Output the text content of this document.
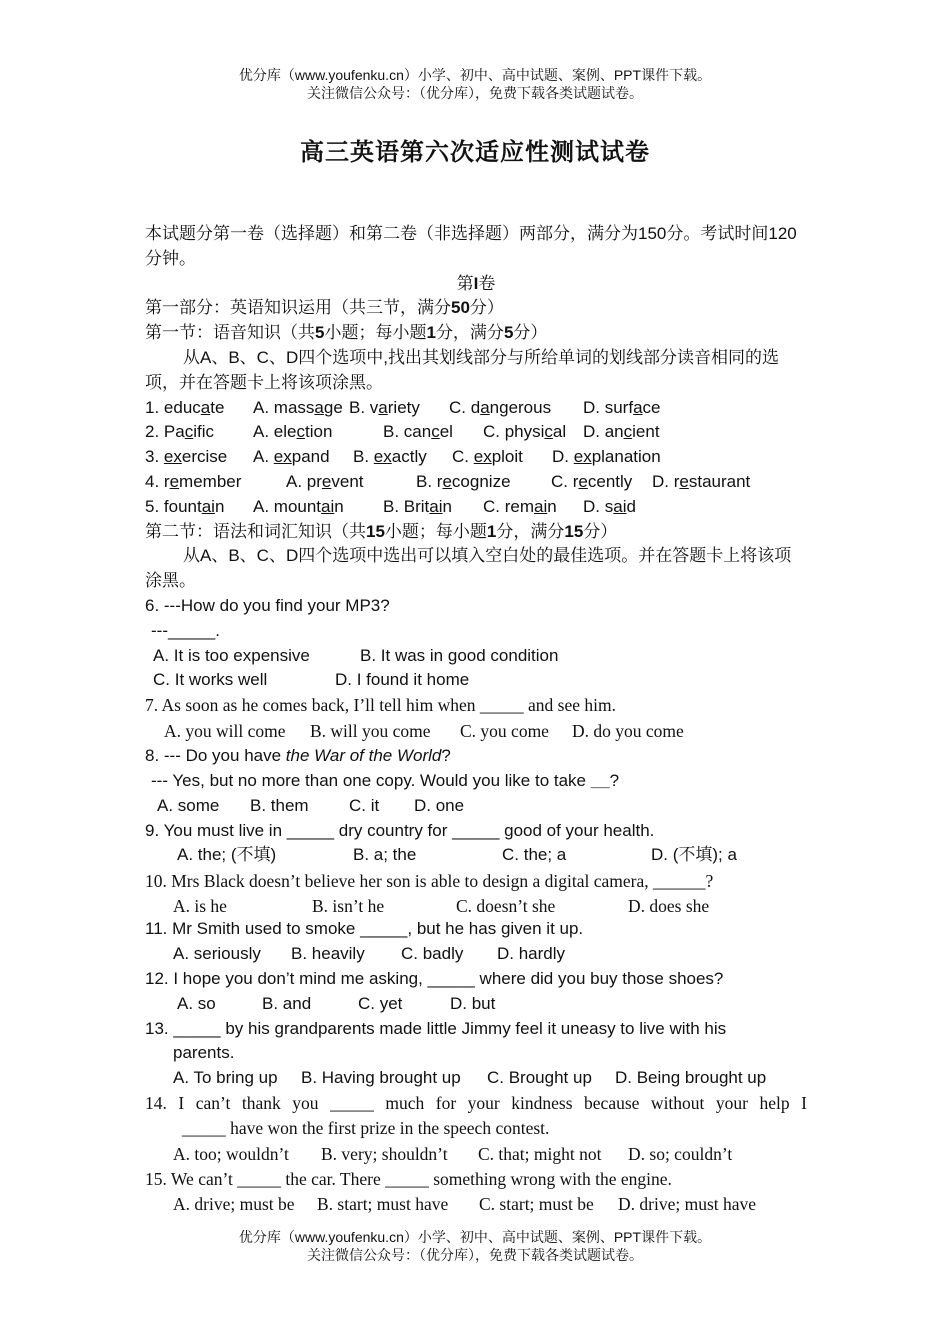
优分库（www.youfenku.cn）小学、初中、高中试题、案例、PPT课件下载。
关注微信公众号：（优分库），免费下载各类试题试卷。
高三英语第六次适应性测试试卷
本试题分第一卷（选择题）和第二卷（非选择题）两部分，满分为150分。考试时间120分钟。
第I卷
第一部分：英语知识运用（共三节，满分50分）
第一节：语音知识（共5小题；每小题1分，满分5分）
从A、B、C、D四个选项中,找出其划线部分与所给单词的划线部分读音相同的选项，并在答题卡上将该项涂黑。
1. educate A. massage B. variety C. dangerous D. surface
2. Pacific A. election	B. cancel C. physical D. ancient
3. exercise A. expand B. exactly C. exploit D. explanation
4. remember	A. prevent	B. recognize C. recently D. restaurant
5. fountain A. mountain B. Britain C. remain D. said
第二节：语法和词汇知识（共15小题；每小题1分，满分15分）
从A、B、C、D四个选项中选出可以填入空白处的最佳选项。并在答题卡上将该项涂黑。
6. ---How do you find your MP3?
---_____.
A. It is too expensive	B. It was in good condition
C. It works well	D. I found it home
7. As soon as he comes back, I’ll tell him when _____ and see him.
A. you will come B. will you come C. you come D. do you come
8. --- Do you have the War of the World?
--- Yes, but no more than one copy. Would you like to take __?
A. some B. them C. it D. one
9. You must live in _____ dry country for _____ good of your health.
A. the; (不填)	B. a; the	C. the; a	D. (不填); a
10. Mrs Black doesn’t believe her son is able to design a digital camera, ______?
A. is he	B. isn’t he	C. doesn’t she	D. does she
11. Mr Smith used to smoke _____, but he has given it up.
A. seriously B. heavily C. badly D. hardly
12. I hope you don’t mind me asking, _____ where did you buy those shoes?
A. so	B. and	C. yet	D. but
13. _____ by his grandparents made little Jimmy feel it uneasy to live with his
parents.
A. To bring up B. Having brought up C. Brought up D. Being brought up
14. I can’t thank you _____ much for your kindness because without your help I
_____ have won the first prize in the speech contest.
A. too; wouldn’t B. very; shouldn’t C. that; might not D. so; couldn’t
15. We can’t _____ the car. There _____ something wrong with the engine.
A. drive; must be B. start; must have C. start; must be D. drive; must have
优分库（www.youfenku.cn）小学、初中、高中试题、案例、PPT课件下载。
关注微信公众号：（优分库），免费下载各类试题试卷。
